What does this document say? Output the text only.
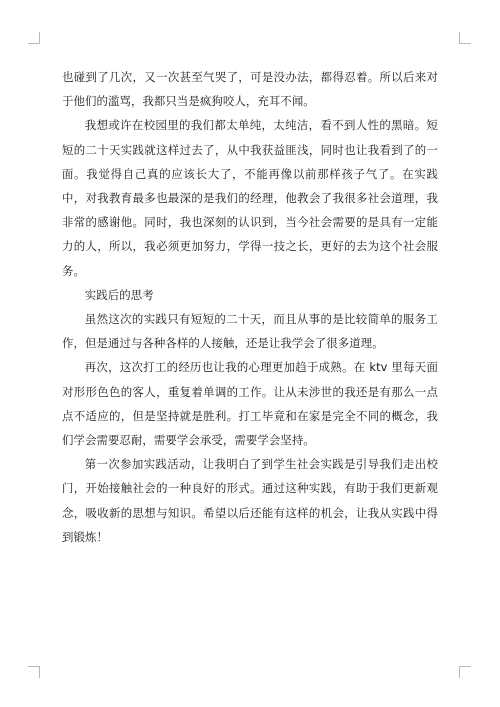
也碰到了几次，又一次甚至气哭了，可是没办法，都得忍着。所以后来对于他们的滥骂，我都只当是疯狗咬人，充耳不闻。

我想或许在校园里的我们都太单纯，太纯洁，看不到人性的黑暗。短短的二十天实践就这样过去了，从中我获益匪浅，同时也让我看到了的一面。我觉得自己真的应该长大了，不能再像以前那样孩子气了。在实践中，对我教育最多也最深的是我们的经理，他教会了我很多社会道理，我非常的感谢他。同时，我也深刻的认识到，当今社会需要的是具有一定能力的人，所以，我必须更加努力，学得一技之长，更好的去为这个社会服务。

实践后的思考

虽然这次的实践只有短短的二十天，而且从事的是比较简单的服务工作，但是通过与各种各样的人接触，还是让我学会了很多道理。

再次，这次打工的经历也让我的心理更加趋于成熟。在 ktv 里每天面对形形色色的客人，重复着单调的工作。让从未涉世的我还是有那么一点点不适应的，但是坚持就是胜利。打工毕竟和在家是完全不同的概念，我们学会需要忍耐，需要学会承受，需要学会坚持。

第一次参加实践活动，让我明白了到学生社会实践是引导我们走出校门，开始接触社会的一种良好的形式。通过这种实践，有助于我们更新观念，吸收新的思想与知识。希望以后还能有这样的机会，让我从实践中得到锻炼！
